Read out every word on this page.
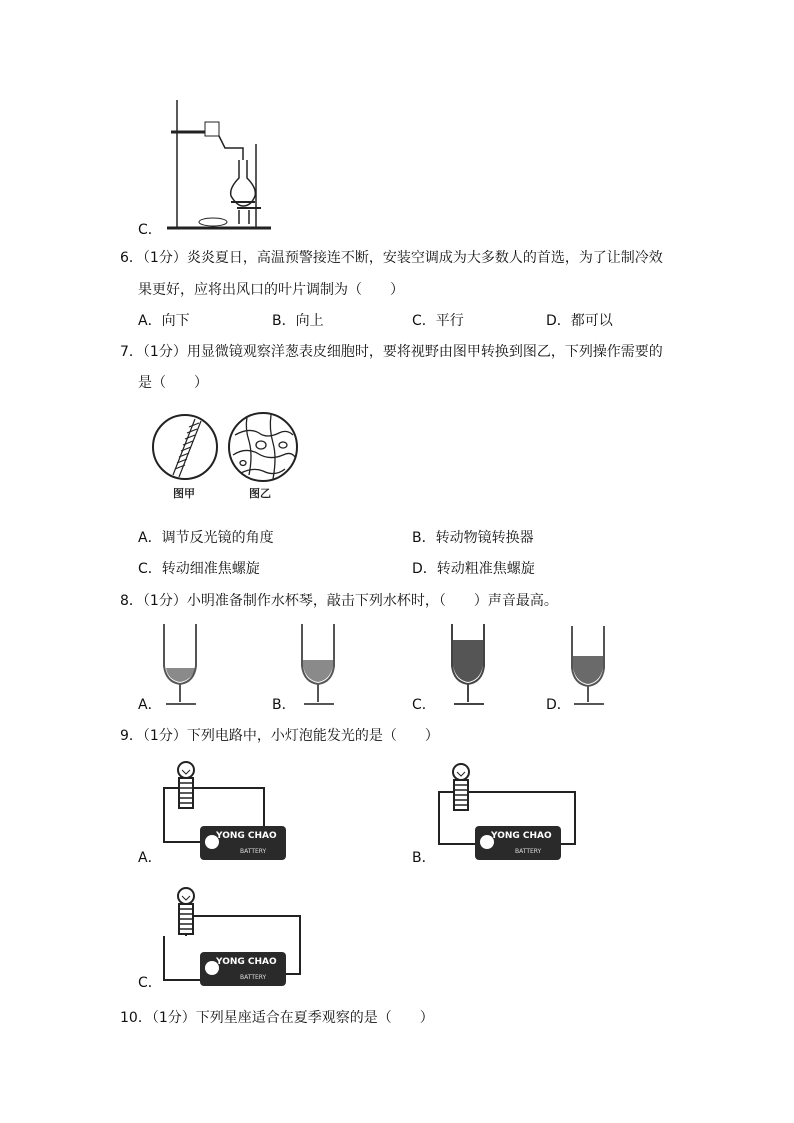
C．
6．（1分）炎炎夏日，高温预警接连不断，安装空调成为大多数人的首选，为了让制冷效
果更好，应将出风口的叶片调制为（　　）
A．向下	B．向上	C．平行	D．都可以
7．（1分）用显微镜观察洋葱表皮细胞时，要将视野由图甲转换到图乙，下列操作需要的
是（　　）
图甲	图乙
A．调节反光镜的角度	B．转动物镜转换器
C．转动细准焦螺旋	D．转动粗准焦螺旋
8．（1分）小明准备制作水杯琴，敲击下列水杯时，（　　）声音最高。
A．	B．	C．	D．
9．（1分）下列电路中，小灯泡能发光的是（　　）
YONG CHAO
BATTERY
A．
YONG CHAO
BATTERY
B．
YONG CHAO
BATTERY
C．
10．（1分）下列星座适合在夏季观察的是（　　）
